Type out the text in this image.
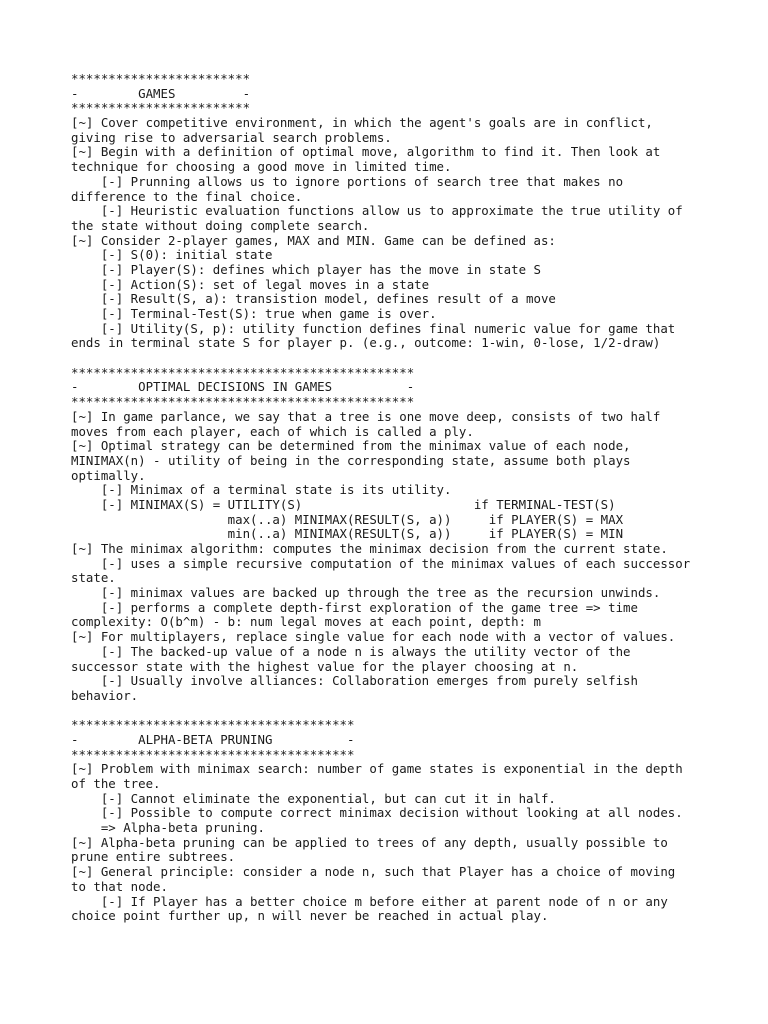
************************
-        GAMES         -
************************
[~] Cover competitive environment, in which the agent's goals are in conflict,
giving rise to adversarial search problems.
[~] Begin with a definition of optimal move, algorithm to find it. Then look at
technique for choosing a good move in limited time.
[-] Prunning allows us to ignore portions of search tree that makes no
difference to the final choice.
[-] Heuristic evaluation functions allow us to approximate the true utility of
the state without doing complete search.
[~] Consider 2-player games, MAX and MIN. Game can be defined as:
[-] S(0): initial state
[-] Player(S): defines which player has the move in state S
[-] Action(S): set of legal moves in a state
[-] Result(S, a): transistion model, defines result of a move
[-] Terminal-Test(S): true when game is over.
[-] Utility(S, p): utility function defines final numeric value for game that
ends in terminal state S for player p. (e.g., outcome: 1-win, 0-lose, 1/2-draw)
**********************************************
-        OPTIMAL DECISIONS IN GAMES          -
**********************************************
[~] In game parlance, we say that a tree is one move deep, consists of two half
moves from each player, each of which is called a ply.
[~] Optimal strategy can be determined from the minimax value of each node,
MINIMAX(n) - utility of being in the corresponding state, assume both plays
optimally.
[-] Minimax of a terminal state is its utility.
[-] MINIMAX(S) = UTILITY(S)                       if TERMINAL-TEST(S)
max(..a) MINIMAX(RESULT(S, a))     if PLAYER(S) = MAX
min(..a) MINIMAX(RESULT(S, a))     if PLAYER(S) = MIN
[~] The minimax algorithm: computes the minimax decision from the current state.
[-] uses a simple recursive computation of the minimax values of each successor
state.
[-] minimax values are backed up through the tree as the recursion unwinds.
[-] performs a complete depth-first exploration of the game tree => time
complexity: O(b^m) - b: num legal moves at each point, depth: m
[~] For multiplayers, replace single value for each node with a vector of values.
[-] The backed-up value of a node n is always the utility vector of the
successor state with the highest value for the player choosing at n.
[-] Usually involve alliances: Collaboration emerges from purely selfish
behavior.
**************************************
-        ALPHA-BETA PRUNING          -
**************************************
[~] Problem with minimax search: number of game states is exponential in the depth
of the tree.
[-] Cannot eliminate the exponential, but can cut it in half.
[-] Possible to compute correct minimax decision without looking at all nodes.
=> Alpha-beta pruning.
[~] Alpha-beta pruning can be applied to trees of any depth, usually possible to
prune entire subtrees.
[~] General principle: consider a node n, such that Player has a choice of moving
to that node.
[-] If Player has a better choice m before either at parent node of n or any
choice point further up, n will never be reached in actual play.
